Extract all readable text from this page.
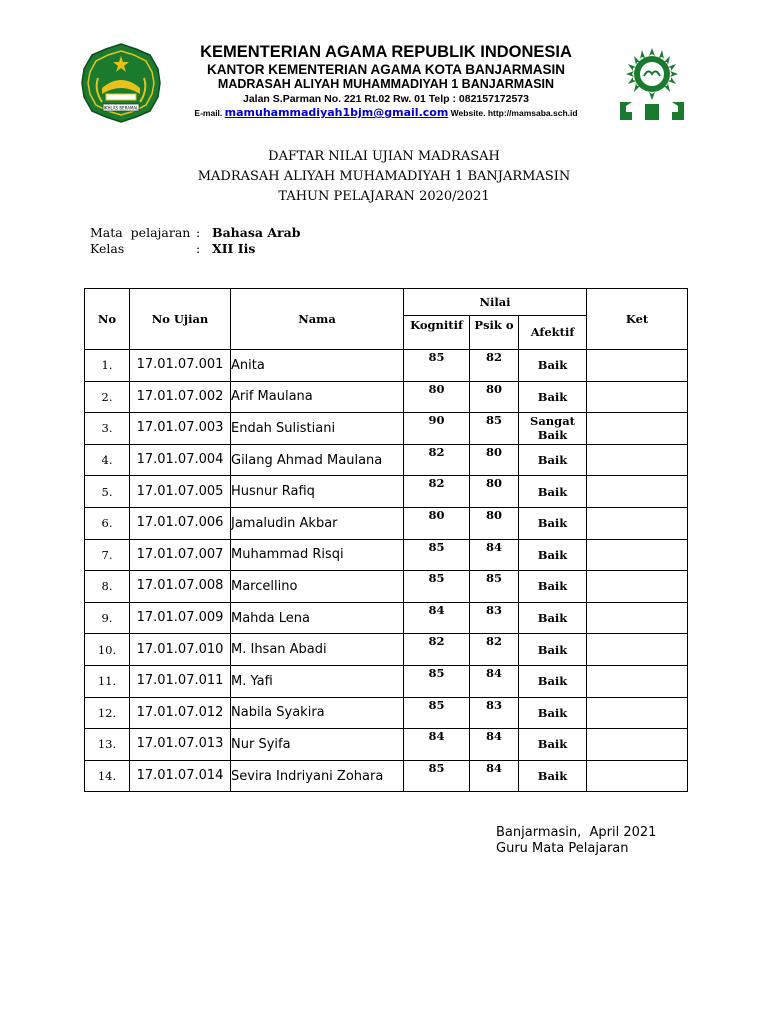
IKHLAS BERAMAL
KEMENTERIAN AGAMA REPUBLIK INDONESIA
KANTOR KEMENTERIAN AGAMA KOTA BANJARMASIN
MADRASAH ALIYAH MUHAMMADIYAH 1 BANJARMASIN
Jalan S.Parman No. 221 Rt.02 Rw. 01 Telp : 082157172573
E-mail. mamuhammadiyah1bjm@gmail.com Website. http://mamsaba.sch.id
DAFTAR NILAI UJIAN MADRASAH
MADRASAH ALIYAH MUHAMADIYAH 1 BANJARMASIN
TAHUN PELAJARAN 2020/2021
Mata  pelajaran : Bahasa Arab
Kelas	: XII Iis
No	No Ujian	Nama	Nilai			Ket
			Kognitif	Psik o	Afektif	
1.	17.01.07.001	Anita	85	82	Baik	
2.	17.01.07.002	Arif Maulana	80	80	Baik	
3.	17.01.07.003	Endah Sulistiani	90	85	Sangat Baik	
4.	17.01.07.004	Gilang Ahmad Maulana	82	80	Baik	
5.	17.01.07.005	Husnur Rafiq	82	80	Baik	
6.	17.01.07.006	Jamaludin Akbar	80	80	Baik	
7.	17.01.07.007	Muhammad Risqi	85	84	Baik	
8.	17.01.07.008	Marcellino	85	85	Baik	
9.	17.01.07.009	Mahda Lena	84	83	Baik	
10.	17.01.07.010	M. Ihsan Abadi	82	82	Baik	
11.	17.01.07.011	M. Yafi	85	84	Baik	
12.	17.01.07.012	Nabila Syakira	85	83	Baik	
13.	17.01.07.013	Nur Syifa	84	84	Baik	
14.	17.01.07.014	Sevira Indriyani Zohara	85	84	Baik	
Banjarmasin,  April 2021
Guru Mata Pelajaran
